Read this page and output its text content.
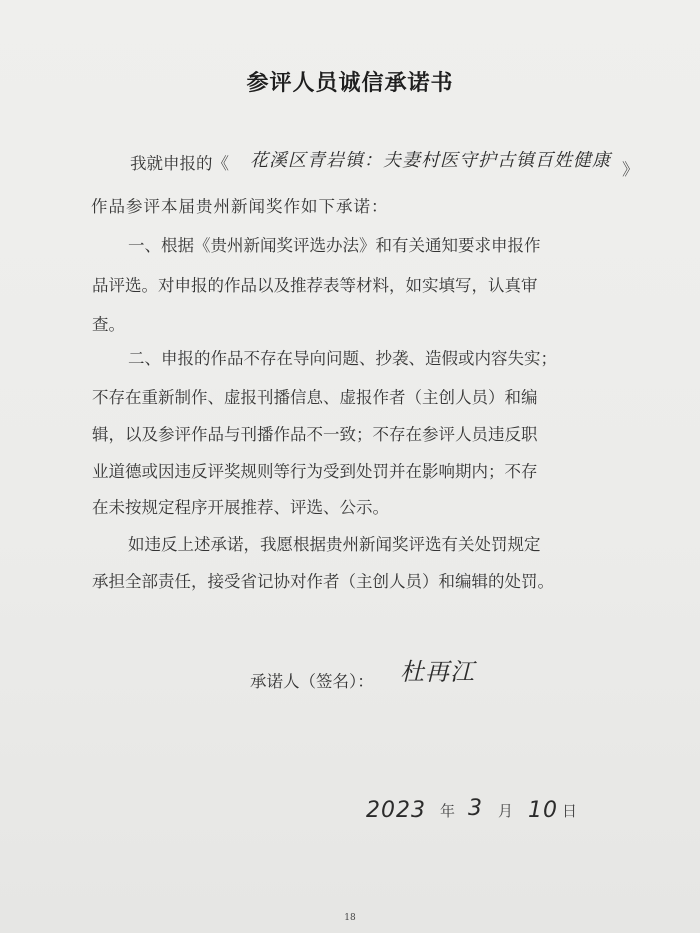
参评人员诚信承诺书
我就申报的《 花溪区青岩镇：夫妻村医守护古镇百姓健康 》
作品参评本届贵州新闻奖作如下承诺：
一、根据《贵州新闻奖评选办法》和有关通知要求申报作
品评选。对申报的作品以及推荐表等材料，如实填写，认真审
查。
二、申报的作品不存在导向问题、抄袭、造假或内容失实；
不存在重新制作、虚报刊播信息、虚报作者（主创人员）和编
辑，以及参评作品与刊播作品不一致；不存在参评人员违反职
业道德或因违反评奖规则等行为受到处罚并在影响期内；不存
在未按规定程序开展推荐、评选、公示。
如违反上述承诺，我愿根据贵州新闻奖评选有关处罚规定
承担全部责任，接受省记协对作者（主创人员）和编辑的处罚。
承诺人（签名）： 杜再江
2023 年 3 月 10 日
18
